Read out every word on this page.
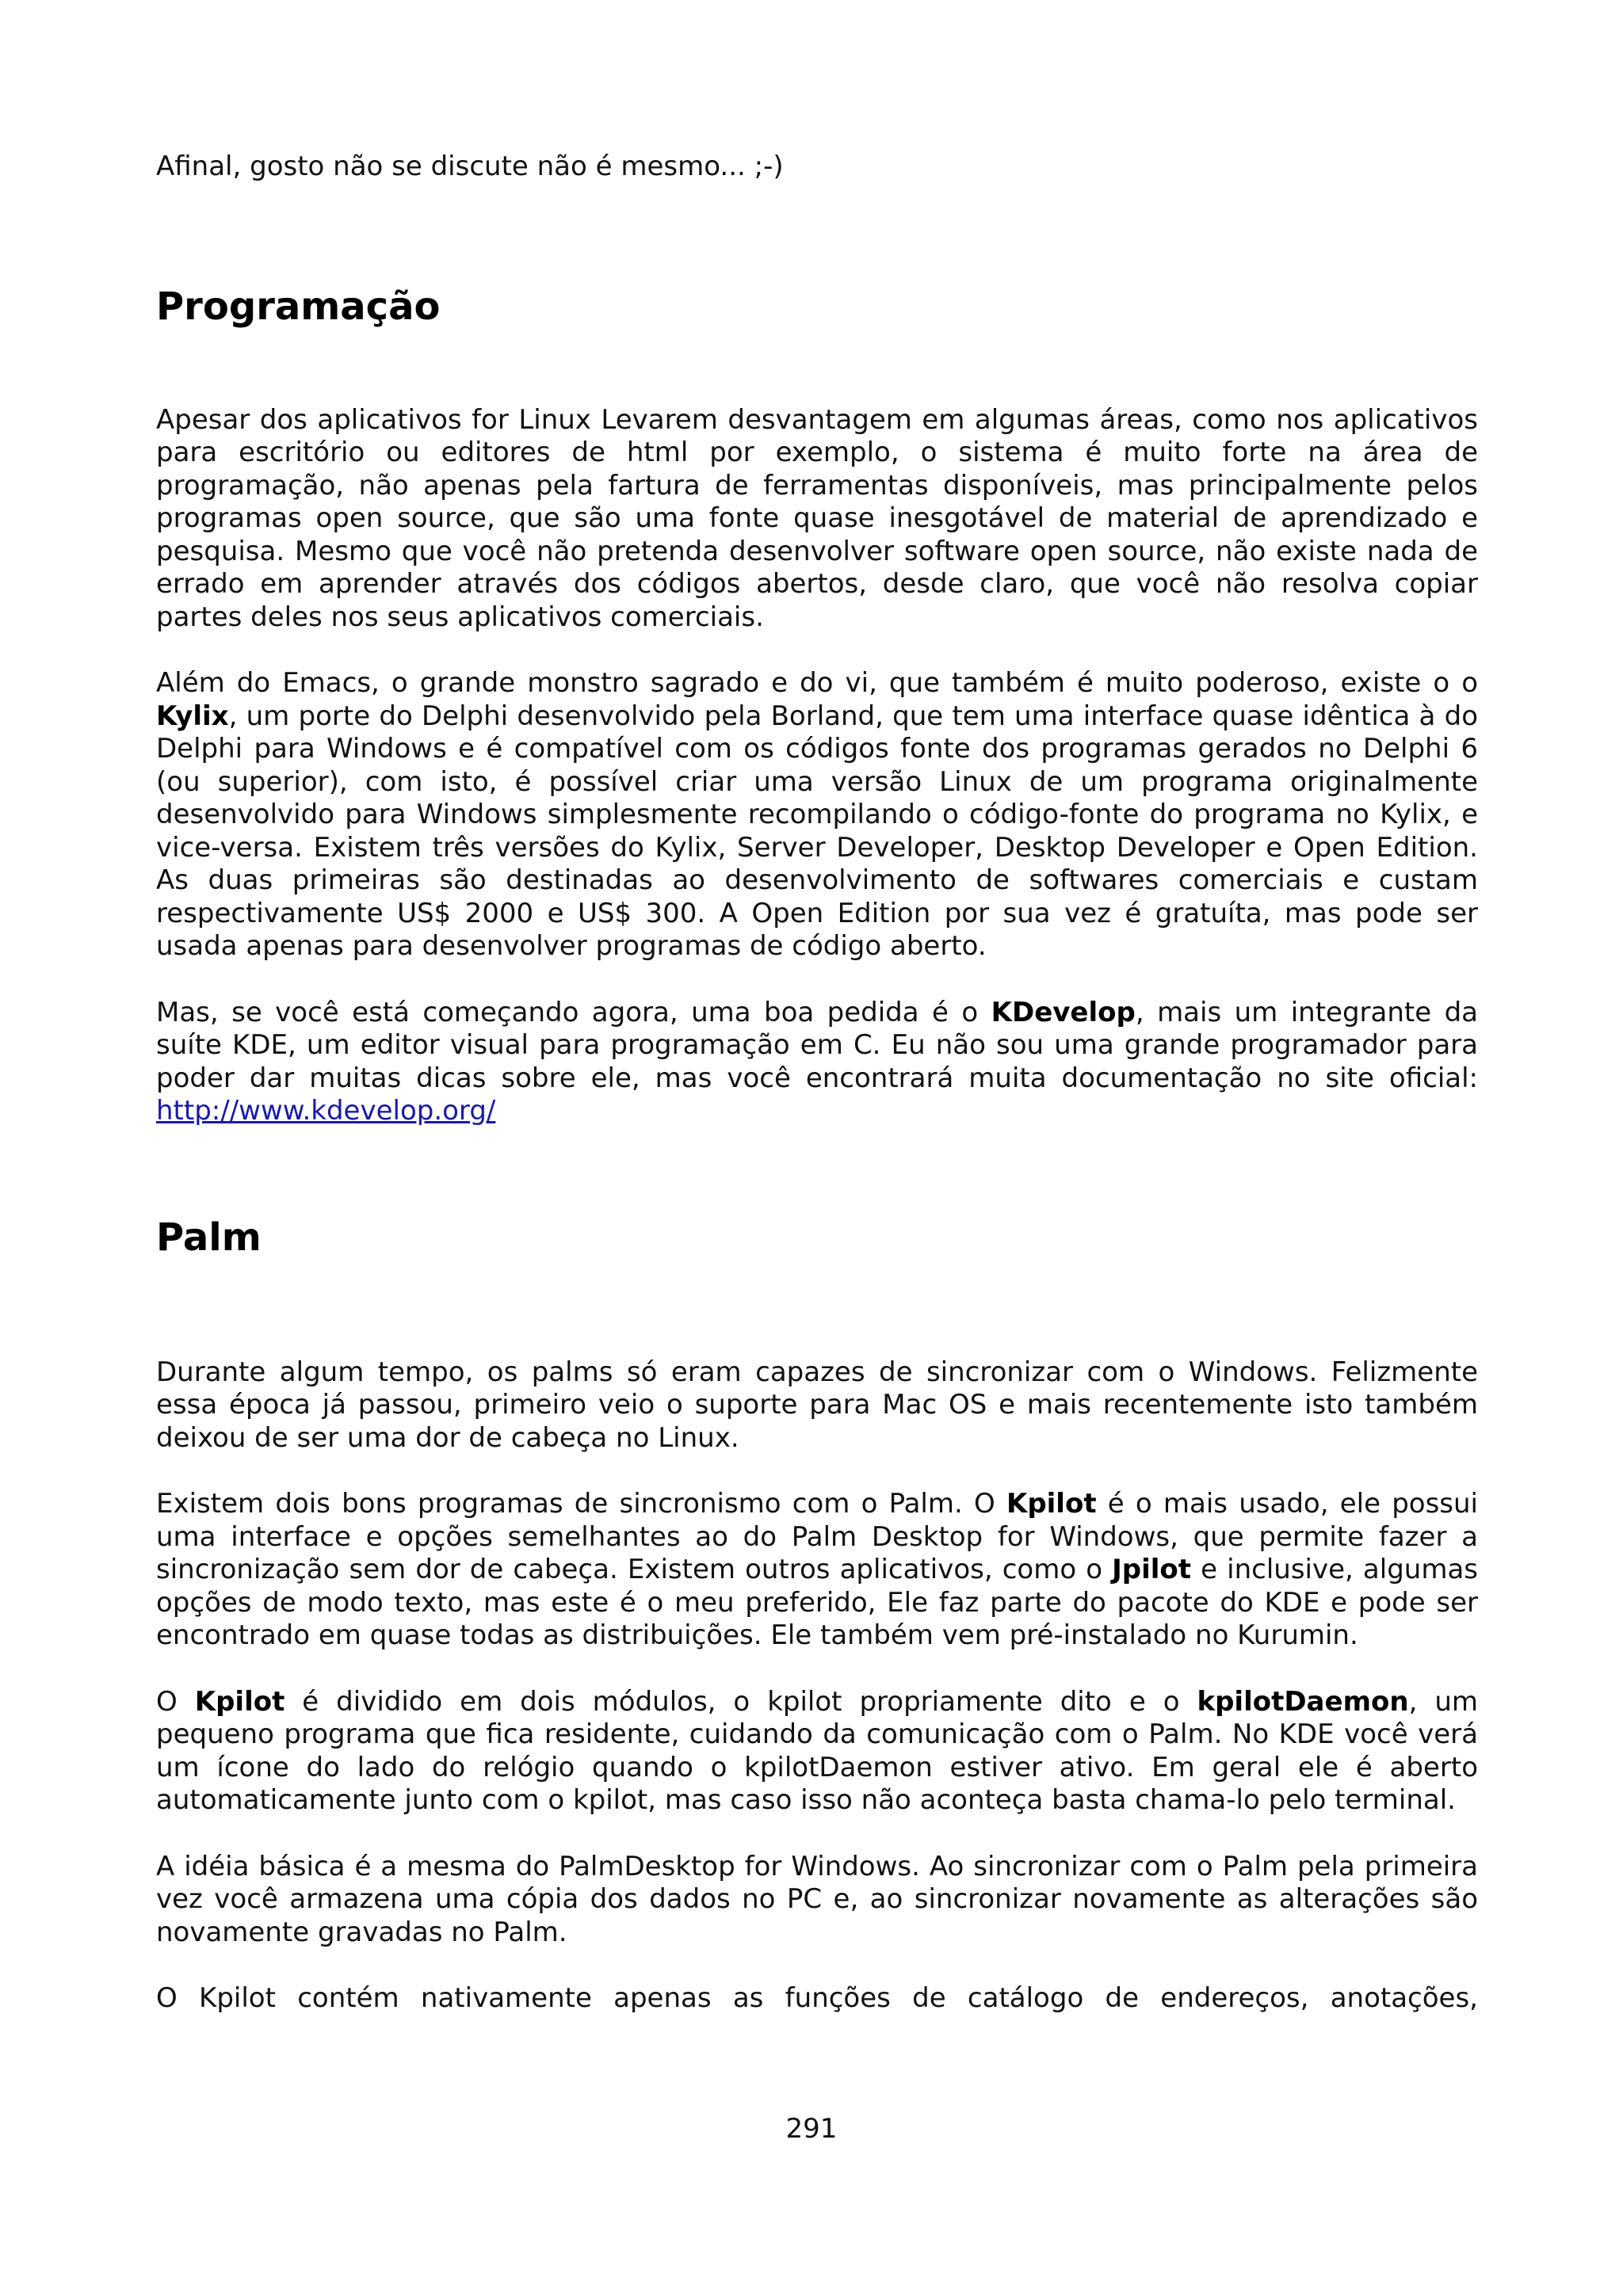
Afinal, gosto não se discute não é mesmo... ;-)

Programação

Apesar dos aplicativos for Linux Levarem desvantagem em algumas áreas, como nos aplicativos para escritório ou editores de html por exemplo, o sistema é muito forte na área de programação, não apenas pela fartura de ferramentas disponíveis, mas principalmente pelos programas open source, que são uma fonte quase inesgotável de material de aprendizado e pesquisa. Mesmo que você não pretenda desenvolver software open source, não existe nada de errado em aprender através dos códigos abertos, desde claro, que você não resolva copiar partes deles nos seus aplicativos comerciais.

Além do Emacs, o grande monstro sagrado e do vi, que também é muito poderoso, existe o o Kylix, um porte do Delphi desenvolvido pela Borland, que tem uma interface quase idêntica à do Delphi para Windows e é compatível com os códigos fonte dos programas gerados no Delphi 6 (ou superior), com isto, é possível criar uma versão Linux de um programa originalmente desenvolvido para Windows simplesmente recompilando o código-fonte do programa no Kylix, e vice-versa. Existem três versões do Kylix, Server Developer, Desktop Developer e Open Edition. As duas primeiras são destinadas ao desenvolvimento de softwares comerciais e custam respectivamente US$ 2000 e US$ 300. A Open Edition por sua vez é gratuíta, mas pode ser usada apenas para desenvolver programas de código aberto.

Mas, se você está começando agora, uma boa pedida é o KDevelop, mais um integrante da suíte KDE, um editor visual para programação em C. Eu não sou uma grande programador para poder dar muitas dicas sobre ele, mas você encontrará muita documentação no site oficial: http://www.kdevelop.org/

Palm

Durante algum tempo, os palms só eram capazes de sincronizar com o Windows. Felizmente essa época já passou, primeiro veio o suporte para Mac OS e mais recentemente isto também deixou de ser uma dor de cabeça no Linux.

Existem dois bons programas de sincronismo com o Palm. O Kpilot é o mais usado, ele possui uma interface e opções semelhantes ao do Palm Desktop for Windows, que permite fazer a sincronização sem dor de cabeça. Existem outros aplicativos, como o Jpilot e inclusive, algumas opções de modo texto, mas este é o meu preferido, Ele faz parte do pacote do KDE e pode ser encontrado em quase todas as distribuições. Ele também vem pré-instalado no Kurumin.

O Kpilot é dividido em dois módulos, o kpilot propriamente dito e o kpilotDaemon, um pequeno programa que fica residente, cuidando da comunicação com o Palm. No KDE você verá um ícone do lado do relógio quando o kpilotDaemon estiver ativo. Em geral ele é aberto automaticamente junto com o kpilot, mas caso isso não aconteça basta chama-lo pelo terminal.

A idéia básica é a mesma do PalmDesktop for Windows. Ao sincronizar com o Palm pela primeira vez você armazena uma cópia dos dados no PC e, ao sincronizar novamente as alterações são novamente gravadas no Palm.

O Kpilot contém nativamente apenas as funções de catálogo de endereços, anotações,

291
